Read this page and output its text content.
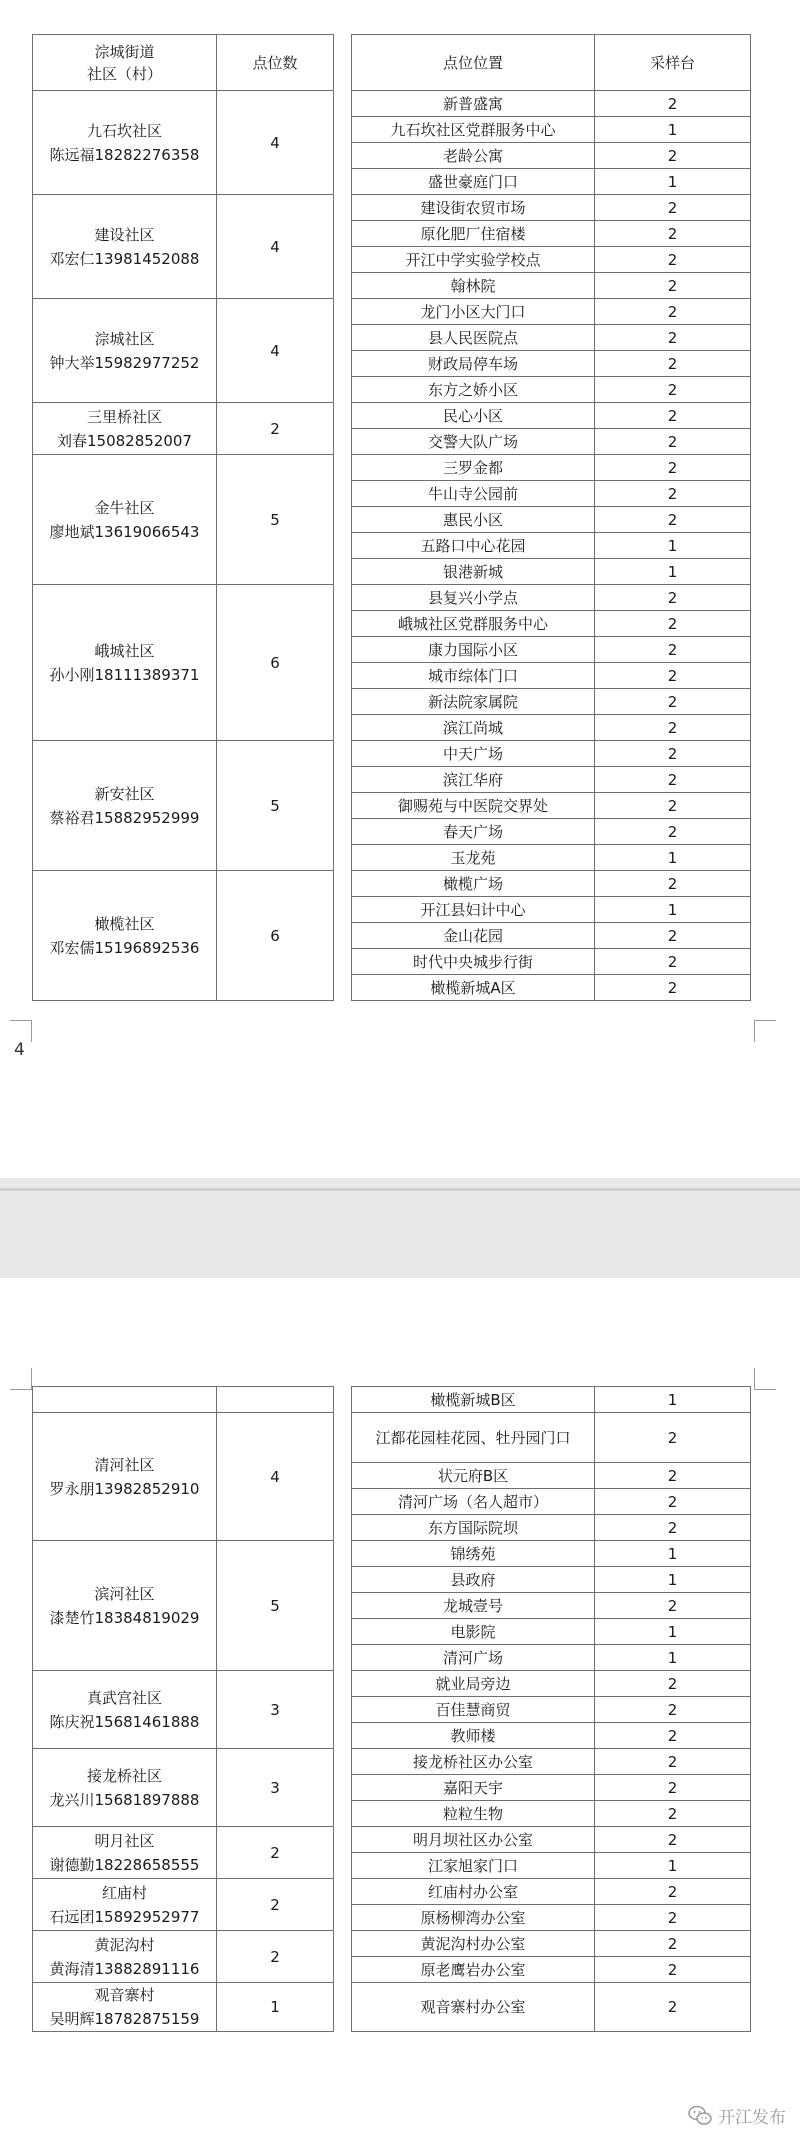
淙城街道
社区（村）	点位数		点位位置	采样台

九石坎社区
陈远福18282276358	4		新普盛寓	2
			九石坎社区党群服务中心	1
			老龄公寓	2
			盛世豪庭门口	1

建设社区
邓宏仁13981452088	4		建设街农贸市场	2
			原化肥厂住宿楼	2
			开江中学实验学校点	2
			翰林院	2

淙城社区
钟大举15982977252	4		龙门小区大门口	2
			县人民医院点	2
			财政局停车场	2
			东方之娇小区	2

三里桥社区
刘春15082852007	2		民心小区	2
			交警大队广场	2

金牛社区
廖地斌13619066543	5		三罗金都	2
			牛山寺公园前	2
			惠民小区	2
			五路口中心花园	1
			银港新城	1

峨城社区
孙小刚18111389371	6		县复兴小学点	2
			峨城社区党群服务中心	2
			康力国际小区	2
			城市综体门口	2
			新法院家属院	2
			滨江尚城	2

新安社区
蔡裕君15882952999	5		中天广场	2
			滨江华府	2
			御赐苑与中医院交界处	2
			春天广场	2
			玉龙苑	1

橄榄社区
邓宏儒15196892536	6		橄榄广场	2
			开江县妇计中心	1
			金山花园	2
			时代中央城步行街	2
			橄榄新城A区	2
4
			橄榄新城B区	1

清河社区
罗永朋13982852910	4		江都花园桂花园、牡丹园门口	2
			状元府B区	2
			清河广场（名人超市）	2
			东方国际院坝	2

滨河社区
漆楚竹18384819029	5		锦绣苑	1
			县政府	1
			龙城壹号	2
			电影院	1
			清河广场	1

真武宫社区
陈庆祝15681461888	3		就业局旁边	2
			百佳慧商贸	2
			教师楼	2

接龙桥社区
龙兴川15681897888	3		接龙桥社区办公室	2
			嘉阳天宇	2
			粒粒生物	2

明月社区
谢德勤18228658555	2		明月坝社区办公室	2
			江家旭家门口	1

红庙村
石远团15892952977	2		红庙村办公室	2
			原杨柳湾办公室	2

黄泥沟村
黄海清13882891116	2		黄泥沟村办公室	2
			原老鹰岩办公室	2

观音寨村
吴明辉18782875159	1		观音寨村办公室	2
开江发布
